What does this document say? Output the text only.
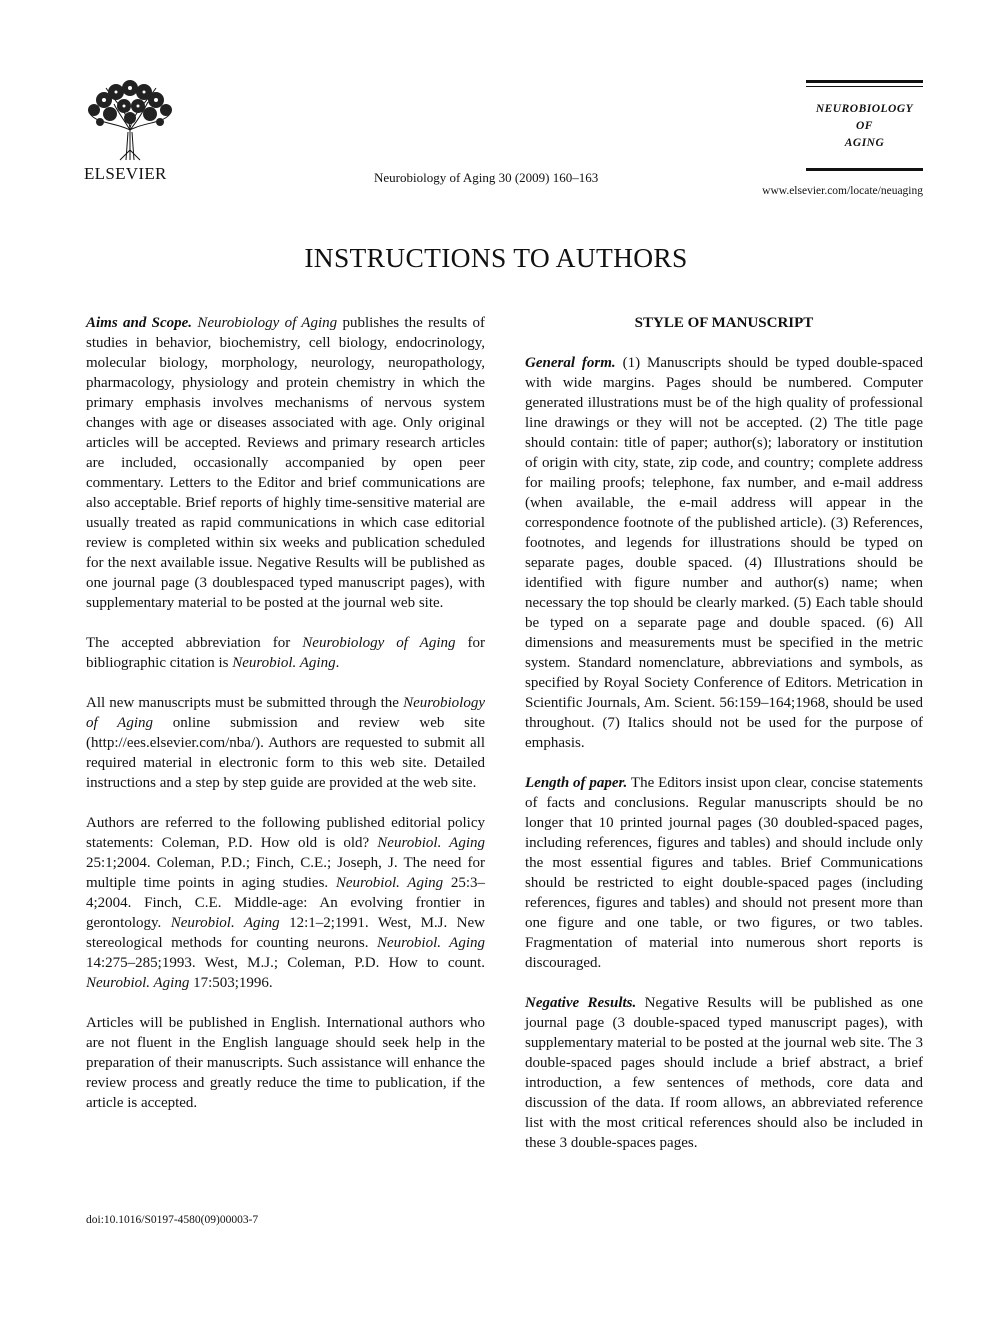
ELSEVIER	Neurobiology of Aging 30 (2009) 160–163
NEUROBIOLOGY
OF
AGING
www.elsevier.com/locate/neuaging
INSTRUCTIONS TO AUTHORS

Aims and Scope. Neurobiology of Aging publishes the results of studies in behavior, biochemistry, cell biology, endocrinology, molecular biology, morphology, neurology, neuropathology, pharmacology, physiology and protein chemistry in which the primary emphasis involves mechanisms of nervous system changes with age or diseases associated with age. Only original articles will be accepted. Reviews and primary research articles are included, occasionally accompanied by open peer commentary. Letters to the Editor and brief communications are also acceptable. Brief reports of highly time-sensitive material are usually treated as rapid communications in which case editorial review is completed within six weeks and publication scheduled for the next available issue. Negative Results will be published as one journal page (3 doublespaced typed manuscript pages), with supplementary material to be posted at the journal web site.

The accepted abbreviation for Neurobiology of Aging for bibliographic citation is Neurobiol. Aging.

All new manuscripts must be submitted through the Neurobiology of Aging online submission and review web site (http://ees.elsevier.com/nba/). Authors are requested to submit all required material in electronic form to this web site. Detailed instructions and a step by step guide are provided at the web site.

Authors are referred to the following published editorial policy statements: Coleman, P.D. How old is old? Neurobiol. Aging 25:1;2004. Coleman, P.D.; Finch, C.E.; Joseph, J. The need for multiple time points in aging studies. Neurobiol. Aging 25:3–4;2004. Finch, C.E. Middle-age: An evolving frontier in gerontology. Neurobiol. Aging 12:1–2;1991. West, M.J. New stereological methods for counting neurons. Neurobiol. Aging 14:275–285;1993. West, M.J.; Coleman, P.D. How to count. Neurobiol. Aging 17:503;1996.

Articles will be published in English. International authors who are not fluent in the English language should seek help in the preparation of their manuscripts. Such assistance will enhance the review process and greatly reduce the time to publication, if the article is accepted.

STYLE OF MANUSCRIPT

General form. (1) Manuscripts should be typed double-spaced with wide margins. Pages should be numbered. Computer generated illustrations must be of the high quality of professional line drawings or they will not be accepted. (2) The title page should contain: title of paper; author(s); laboratory or institution of origin with city, state, zip code, and country; complete address for mailing proofs; telephone, fax number, and e-mail address (when available, the e-mail address will appear in the correspondence footnote of the published article). (3) References, footnotes, and legends for illustrations should be typed on separate pages, double spaced. (4) Illustrations should be identified with figure number and author(s) name; when necessary the top should be clearly marked. (5) Each table should be typed on a separate page and double spaced. (6) All dimensions and measurements must be specified in the metric system. Standard nomenclature, abbreviations and symbols, as specified by Royal Society Conference of Editors. Metrication in Scientific Journals, Am. Scient. 56:159–164;1968, should be used throughout. (7) Italics should not be used for the purpose of emphasis.

Length of paper. The Editors insist upon clear, concise statements of facts and conclusions. Regular manuscripts should be no longer that 10 printed journal pages (30 doubled-spaced pages, including references, figures and tables) and should include only the most essential figures and tables. Brief Communications should be restricted to eight double-spaced pages (including references, figures and tables) and should not present more than one figure and one table, or two figures, or two tables. Fragmentation of material into numerous short reports is discouraged.

Negative Results. Negative Results will be published as one journal page (3 double-spaced typed manuscript pages), with supplementary material to be posted at the journal web site. The 3 double-spaced pages should include a brief abstract, a brief introduction, a few sentences of methods, core data and discussion of the data. If room allows, an abbreviated reference list with the most critical references should also be included in these 3 double-spaces pages.

doi:10.1016/S0197-4580(09)00003-7
